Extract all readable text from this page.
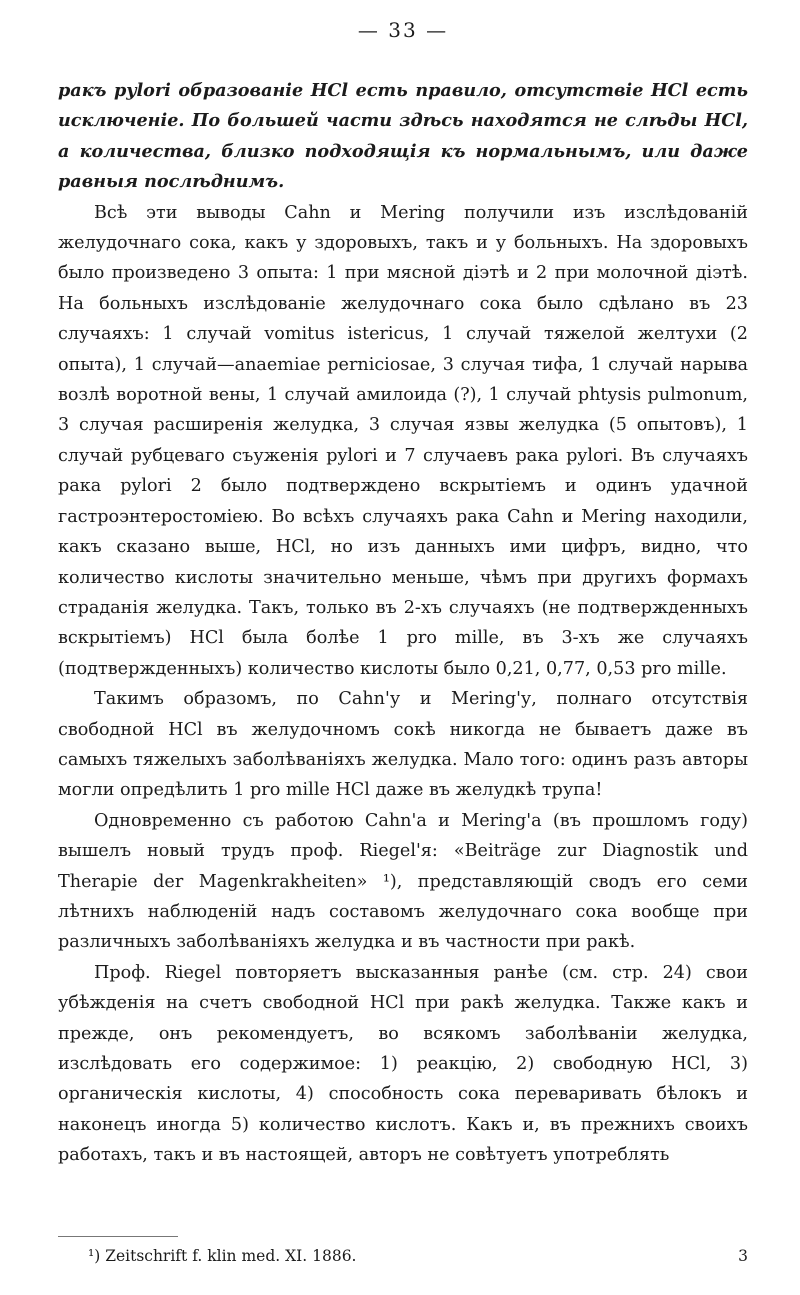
— 33 —

ракъ pylori образованіе HCl есть правило, отсутствіе HCl есть исключеніе. По большей части здѣсь находятся не слѣды HCl, а количества, близко подходящія къ нормальнымъ, или даже равныя послѣднимъ.

Всѣ эти выводы Cahn и Mering получили изъ изслѣдованій желудочнаго сока, какъ у здоровыхъ, такъ и у больныхъ. На здоровыхъ было произведено 3 опыта: 1 при мясной діэтѣ и 2 при молочной діэтѣ. На больныхъ изслѣдованіе желудочнаго сока было сдѣлано въ 23 случаяхъ: 1 случай vomitus isterісus, 1 случай тяжелой желтухи (2 опыта), 1 случай—anaemiae perniciosae, 3 случая тифа, 1 случай нарыва возлѣ воротной вены, 1 случай амилоида (?), 1 случай phtysis pulmonum, 3 случая расширенія желудка, 3 случая язвы желудка (5 опытовъ), 1 случай рубцеваго съуженія pylori и 7 случаевъ рака pylori. Въ случаяхъ рака pylori 2 было подтверждено вскрытіемъ и одинъ удачной гастроэнтеростоміею. Во всѣхъ случаяхъ рака Cahn и Mering находили, какъ сказано выше, HCl, но изъ данныхъ ими цифръ, видно, что количество кислоты значительно меньше, чѣмъ при другихъ формахъ страданія желудка. Такъ, только въ 2-хъ случаяхъ (не подтвержденныхъ вскрытіемъ) HCl была болѣе 1 pro mille, въ 3-хъ же случаяхъ (подтвержденныхъ) количество кислоты было 0,21, 0,77, 0,53 pro mille.

Такимъ образомъ, по Cahn'у и Mering'у, полнаго отсутствія свободной HCl въ желудочномъ сокѣ никогда не бываетъ даже въ самыхъ тяжелыхъ заболѣваніяхъ желудка. Мало того: одинъ разъ авторы могли опредѣлить 1 pro mille HCl даже въ желудкѣ трупа!

Одновременно съ работою Cahn'a и Mering'a (въ прошломъ году) вышелъ новый трудъ проф. Riegel'я: «Beiträge zur Diagnostik und Therapie der Magenkrakheiten» ¹), представляющій сводъ его семи лѣтнихъ наблюденій надъ составомъ желудочнаго сока вообще при различныхъ заболѣваніяхъ желудка и въ частности при ракѣ.

Проф. Riegel повторяетъ высказанныя ранѣе (см. стр. 24) свои убѣжденія на счетъ свободной HCl при ракѣ желудка. Также какъ и прежде, онъ рекомендуетъ, во всякомъ заболѣваніи желудка, изслѣдовать его содержимое: 1) реакцію, 2) свободную HCl, 3) органическія кислоты, 4) способность сока переваривать бѣлокъ и наконецъ иногда 5) количество кислотъ. Какъ и, въ прежнихъ своихъ работахъ, такъ и въ настоящей, авторъ не совѣтуетъ употреблять

¹) Zeitschrift f. klin med. XI. 1886.	3
